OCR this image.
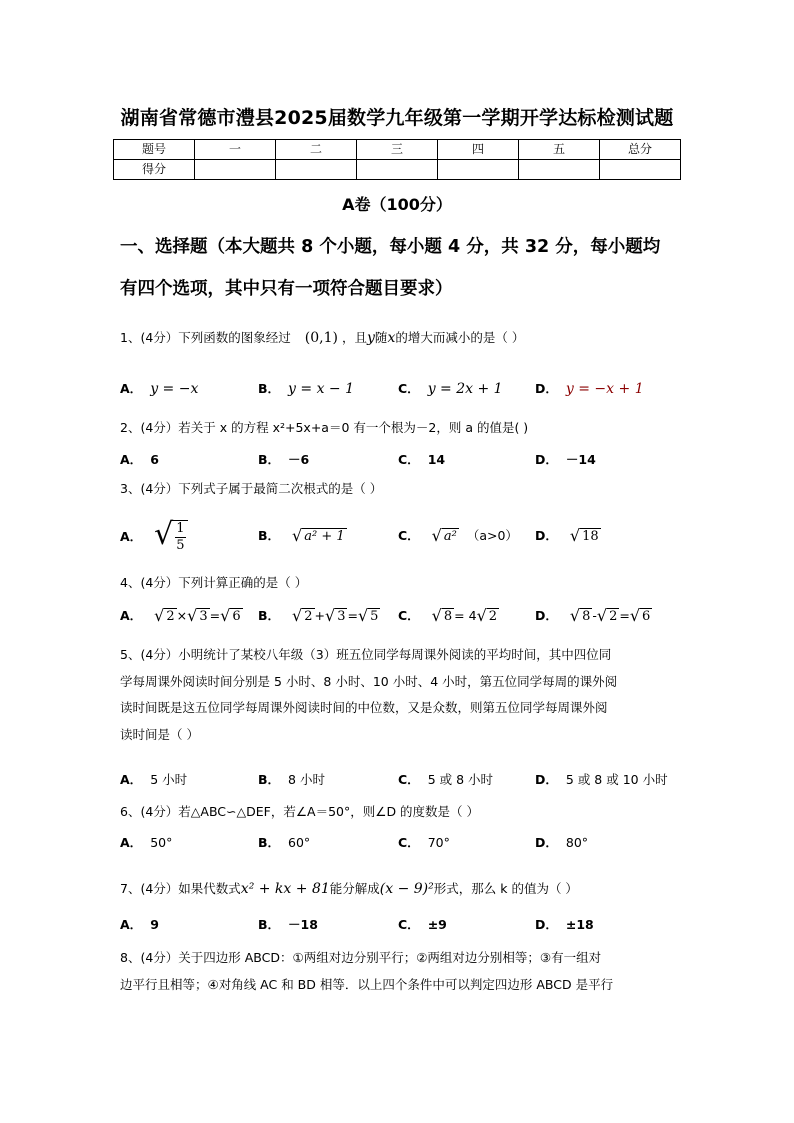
湖南省常德市澧县2025届数学九年级第一学期开学达标检测试题
题号	一	二	三	四	五	总分
得分						
A卷（100分）
一、选择题（本大题共 8 个小题，每小题 4 分，共 32 分，每小题均
有四个选项，其中只有一项符合题目要求）
1、(4分）下列函数的图象经过 (0,1) ，且y随x的增大而减小的是（ ）
A． y = −x	B． y = x − 1	C． y = 2x + 1	D． y = −x + 1
2、(4分）若关于 x 的方程 x²+5x+a＝0 有一个根为－2，则 a 的值是( )
A． 6	B． －6	C． 14	D． －14
3、(4分）下列式子属于最简二次根式的是（ ）
A． √ $\frac{1}{5}$	B． √ a² + 1	C． √ a² （a>0） D． √ 18
4、(4分）下列计算正确的是（ ）
A． √ 2 × √ 3 = √ 6 B． √ 2 + √ 3 = √ 5 C． √ 8 = 4 √ 2	D． √ 8 - √ 2 = √ 6
5、(4分）小明统计了某校八年级（3）班五位同学每周课外阅读的平均时间，其中四位同
学每周课外阅读时间分别是 5 小时、8 小时、10 小时、4 小时，第五位同学每周的课外阅
读时间既是这五位同学每周课外阅读时间的中位数，又是众数，则第五位同学每周课外阅
读时间是（ ）
A． 5 小时	B． 8 小时	C． 5 或 8 小时	D． 5 或 8 或 10 小时
6、(4分）若△ABC∽△DEF，若∠A＝50°，则∠D 的度数是（ ）
A． 50°	B． 60°	C． 70°	D． 80°
7、(4分）如果代数式x² + kx + 81能分解成(x − 9)²形式，那么 k 的值为（ ）
A． 9	B． －18	C． ±9	D． ±18
8、(4分）关于四边形 ABCD：①两组对边分别平行；②两组对边分别相等；③有一组对
边平行且相等；④对角线 AC 和 BD 相等．以上四个条件中可以判定四边形 ABCD 是平行
